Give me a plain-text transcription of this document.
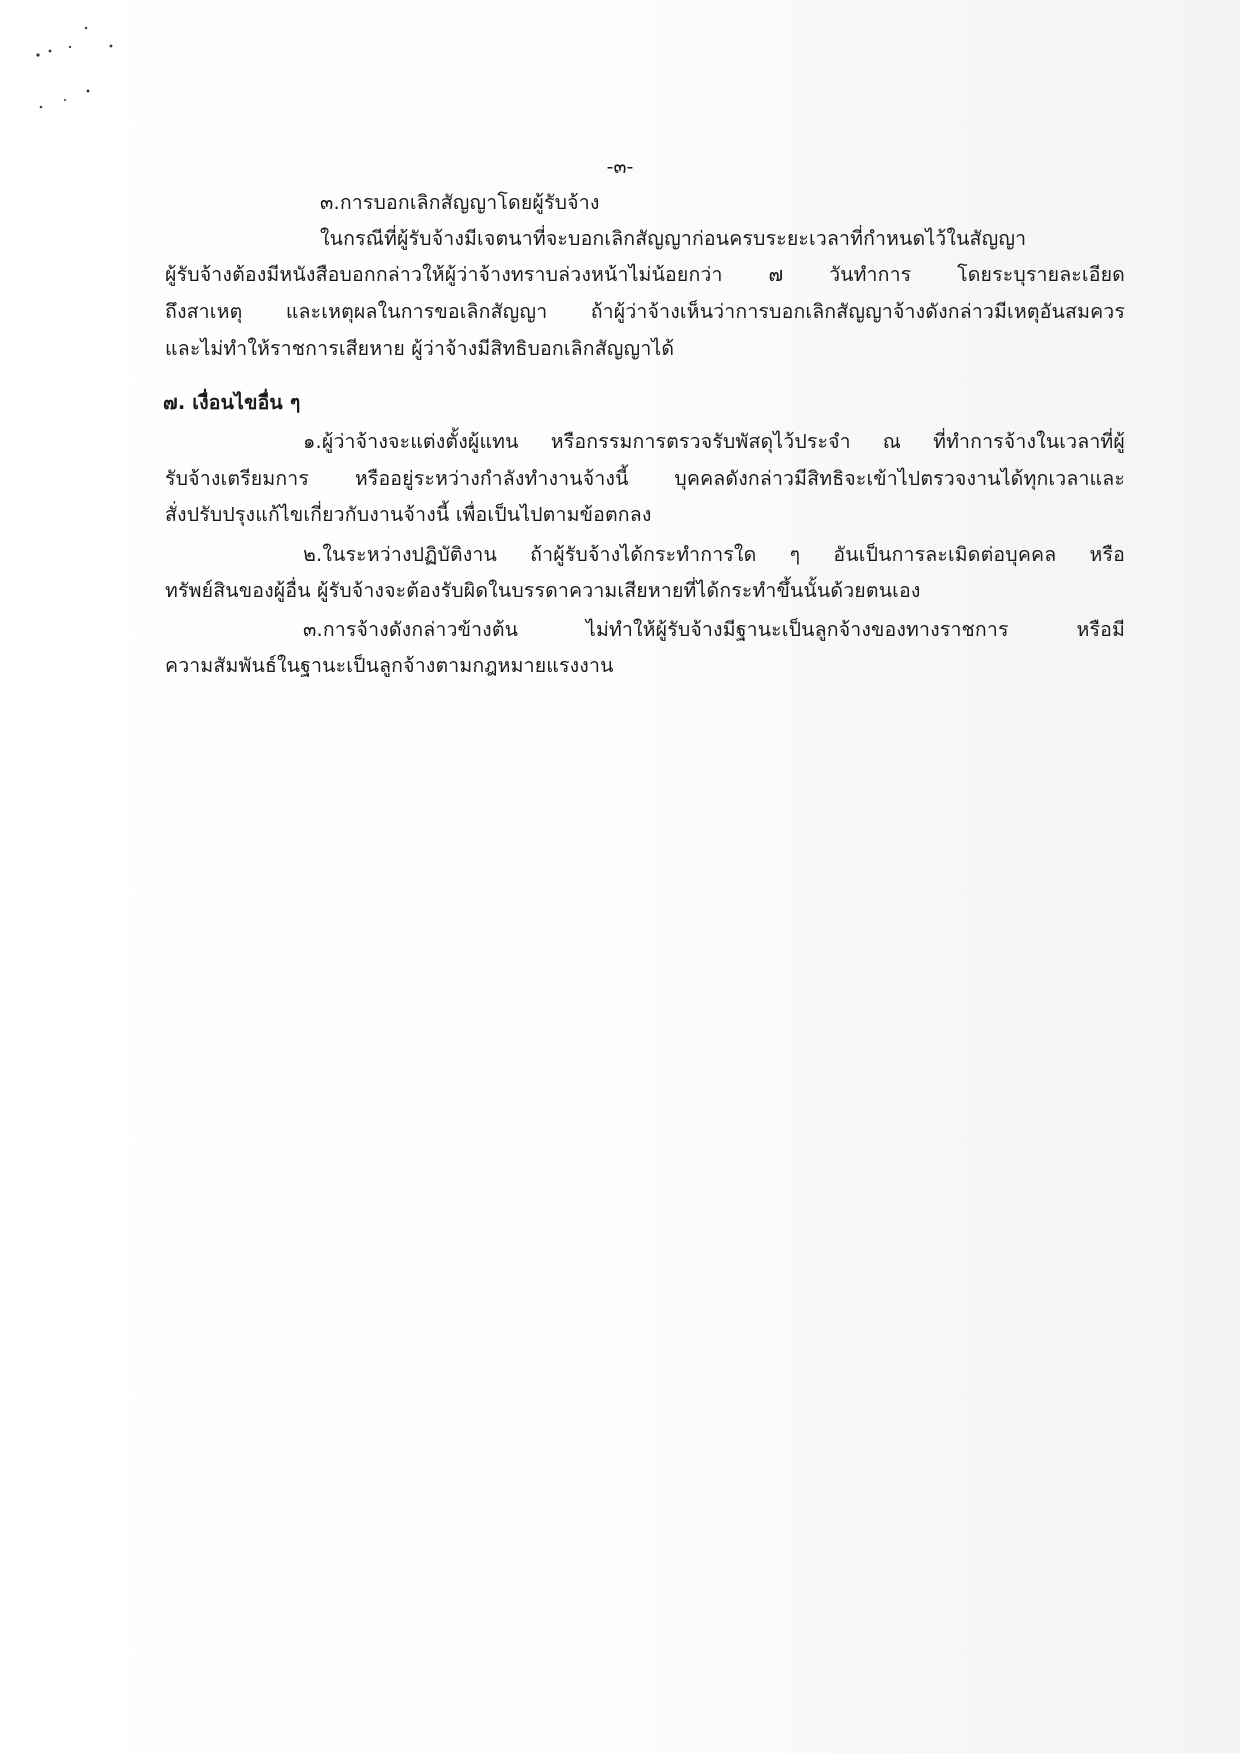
-๓-
๓.การบอกเลิกสัญญาโดยผู้รับจ้าง
ในกรณีที่ผู้รับจ้างมีเจตนาที่จะบอกเลิกสัญญาก่อนครบระยะเวลาที่กำหนดไว้ในสัญญา
ผู้รับจ้างต้องมีหนังสือบอกกล่าวให้ผู้ว่าจ้างทราบล่วงหน้าไม่น้อยกว่า ๗ วันทำการ โดยระบุรายละเอียด
ถึงสาเหตุ และเหตุผลในการขอเลิกสัญญา ถ้าผู้ว่าจ้างเห็นว่าการบอกเลิกสัญญาจ้างดังกล่าวมีเหตุอันสมควร
และไม่ทำให้ราชการเสียหาย ผู้ว่าจ้างมีสิทธิบอกเลิกสัญญาได้
๗. เงื่อนไขอื่น ๆ
๑.ผู้ว่าจ้างจะแต่งตั้งผู้แทน หรือกรรมการตรวจรับพัสดุไว้ประจำ ณ ที่ทำการจ้างในเวลาที่ผู้
รับจ้างเตรียมการ หรืออยู่ระหว่างกำลังทำงานจ้างนี้ บุคคลดังกล่าวมีสิทธิจะเข้าไปตรวจงานได้ทุกเวลาและ
สั่งปรับปรุงแก้ไขเกี่ยวกับงานจ้างนี้ เพื่อเป็นไปตามข้อตกลง
๒.ในระหว่างปฏิบัติงาน ถ้าผู้รับจ้างได้กระทำการใด ๆ อันเป็นการละเมิดต่อบุคคล หรือ
ทรัพย์สินของผู้อื่น ผู้รับจ้างจะต้องรับผิดในบรรดาความเสียหายที่ได้กระทำขึ้นนั้นด้วยตนเอง
๓.การจ้างดังกล่าวข้างต้น ไม่ทำให้ผู้รับจ้างมีฐานะเป็นลูกจ้างของทางราชการ หรือมี
ความสัมพันธ์ในฐานะเป็นลูกจ้างตามกฎหมายแรงงาน
